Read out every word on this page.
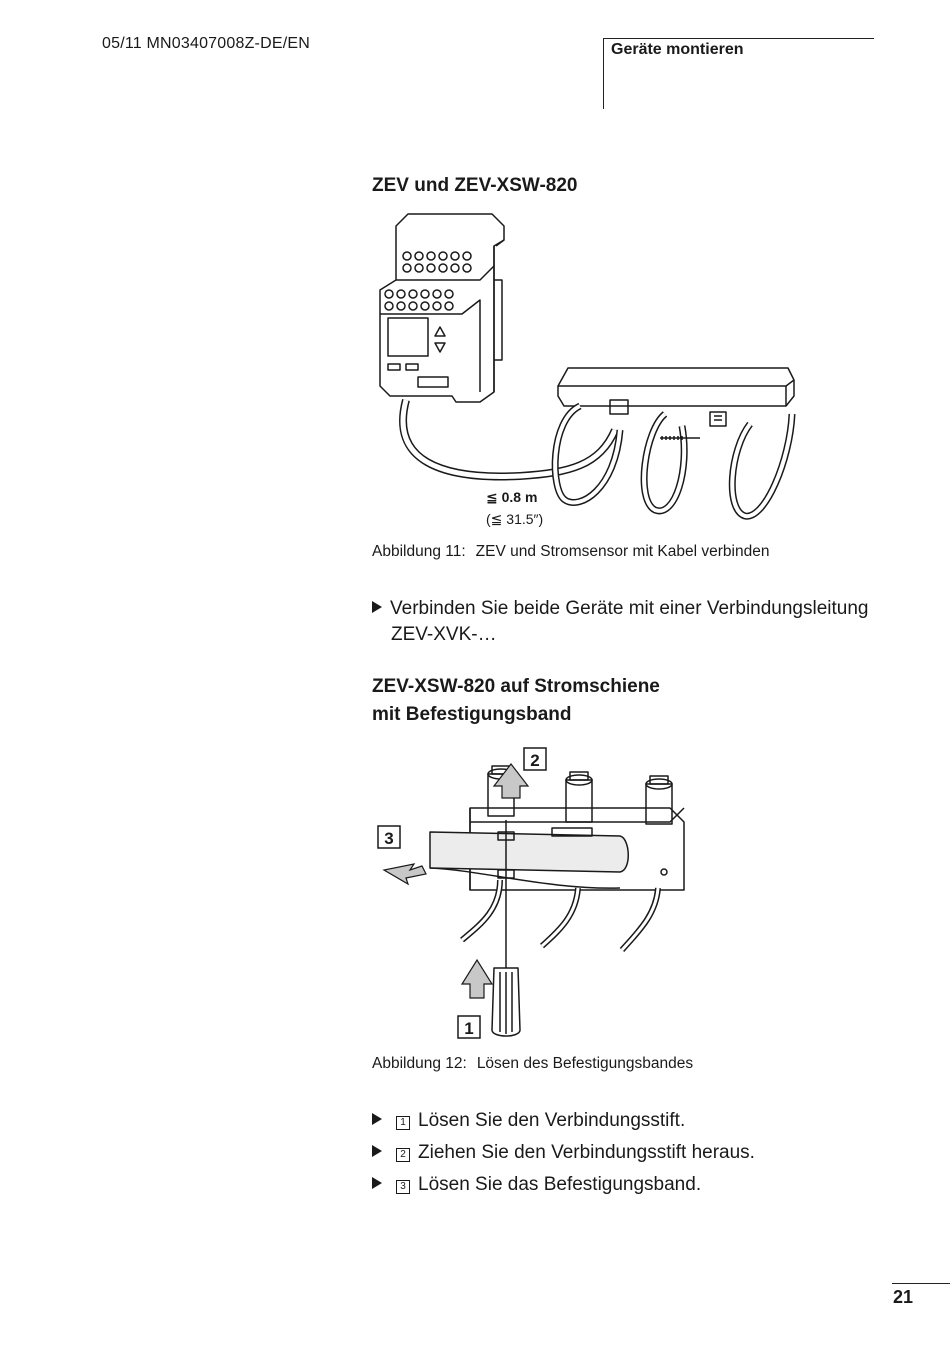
05/11 MN03407008Z-DE/EN	Geräte montieren
ZEV und ZEV-XSW-820
≦ 0.8 m
(≦ 31.5″)
Abbildung 11: ZEV und Stromsensor mit Kabel verbinden
Verbinden Sie beide Geräte mit einer Verbindungsleitung
ZEV-XVK-…
ZEV-XSW-820 auf Stromschiene
mit Befestigungsband
2
3
1
Abbildung 12: Lösen des Befestigungsbandes
1 Lösen Sie den Verbindungsstift.
2 Ziehen Sie den Verbindungsstift heraus.
3 Lösen Sie das Befestigungsband.
21
